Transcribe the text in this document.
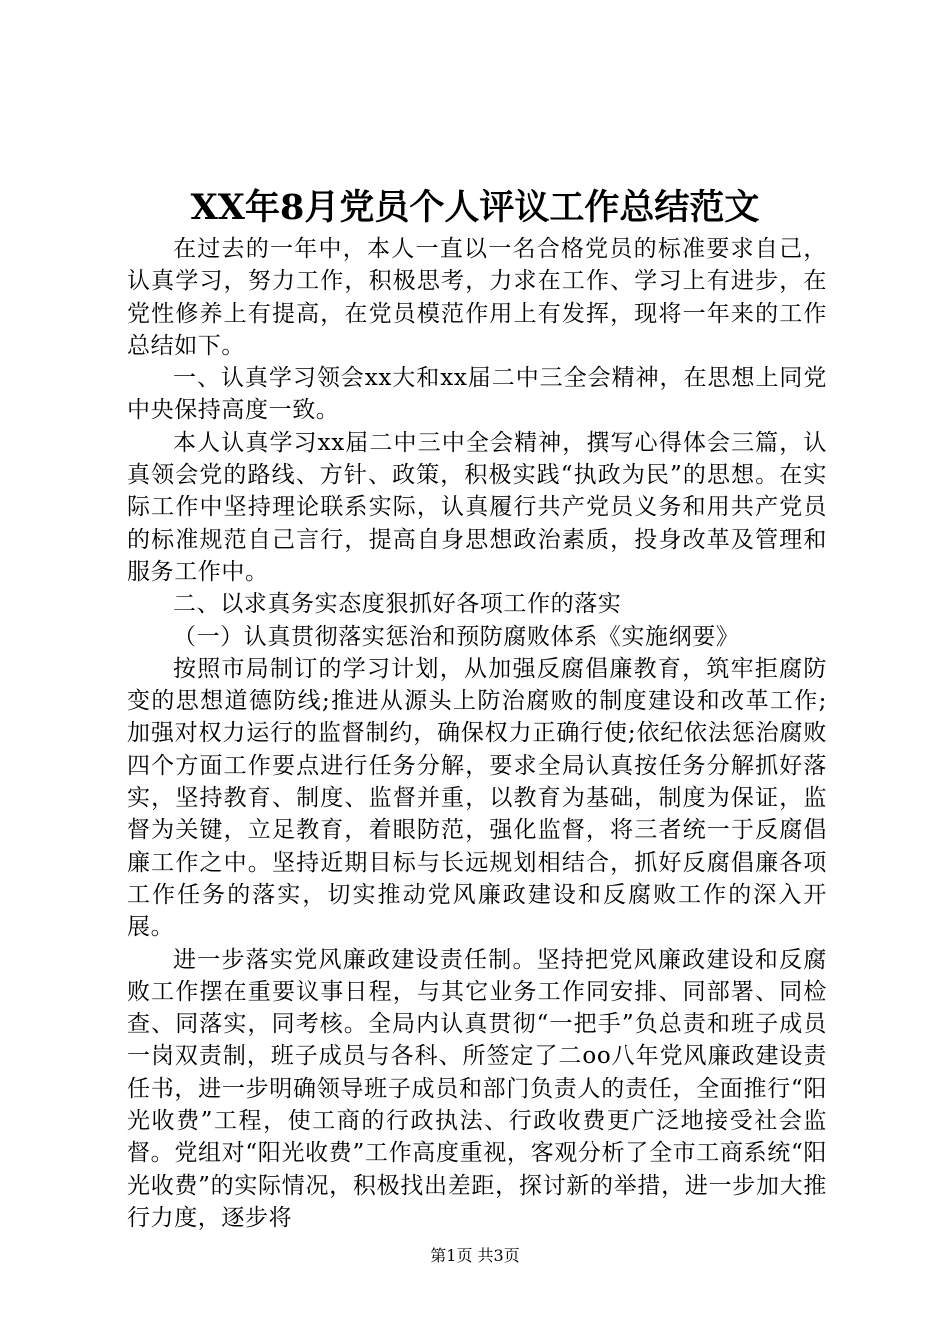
XX年8月党员个人评议工作总结范文

在过去的一年中，本人一直以一名合格党员的标准要求自己，认真学习，努力工作，积极思考，力求在工作、学习上有进步，在党性修养上有提高，在党员模范作用上有发挥，现将一年来的工作总结如下。

一、认真学习领会xx大和xx届二中三全会精神，在思想上同党中央保持高度一致。

本人认真学习xx届二中三中全会精神，撰写心得体会三篇，认真领会党的路线、方针、政策，积极实践“执政为民”的思想。在实际工作中坚持理论联系实际，认真履行共产党员义务和用共产党员的标准规范自己言行，提高自身思想政治素质，投身改革及管理和服务工作中。

二、以求真务实态度狠抓好各项工作的落实

（一）认真贯彻落实惩治和预防腐败体系《实施纲要》

按照市局制订的学习计划，从加强反腐倡廉教育，筑牢拒腐防变的思想道德防线;推进从源头上防治腐败的制度建设和改革工作;加强对权力运行的监督制约，确保权力正确行使;依纪依法惩治腐败四个方面工作要点进行任务分解，要求全局认真按任务分解抓好落实，坚持教育、制度、监督并重，以教育为基础，制度为保证，监督为关键，立足教育，着眼防范，强化监督，将三者统一于反腐倡廉工作之中。坚持近期目标与长远规划相结合，抓好反腐倡廉各项工作任务的落实，切实推动党风廉政建设和反腐败工作的深入开展。

进一步落实党风廉政建设责任制。坚持把党风廉政建设和反腐败工作摆在重要议事日程，与其它业务工作同安排、同部署、同检查、同落实，同考核。全局内认真贯彻“一把手”负总责和班子成员一岗双责制，班子成员与各科、所签定了二oo八年党风廉政建设责任书，进一步明确领导班子成员和部门负责人的责任，全面推行“阳光收费”工程，使工商的行政执法、行政收费更广泛地接受社会监督。党组对“阳光收费”工作高度重视，客观分析了全市工商系统“阳光收费”的实际情况，积极找出差距，探讨新的举措，进一步加大推行力度，逐步将

第1页 共3页
